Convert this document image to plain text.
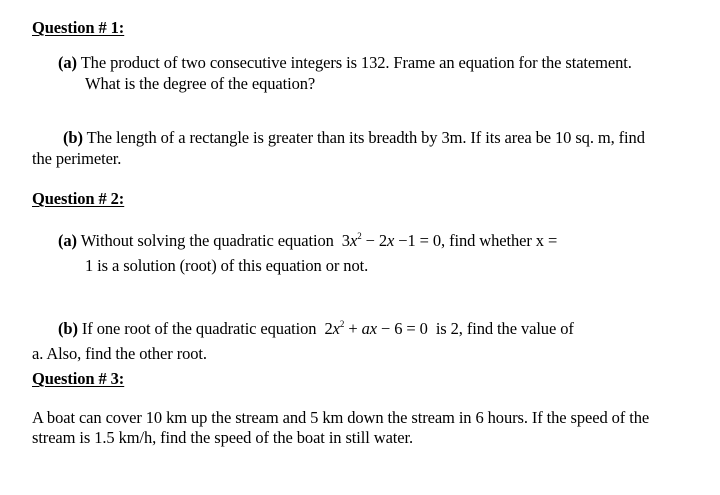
Question # 1:
(a) The product of two consecutive integers is 132. Frame an equation for the statement.
What is the degree of the equation?
(b) The length of a rectangle is greater than its breadth by 3m. If its area be 10 sq. m, find
the perimeter.
Question # 2:
(a) Without solving the quadratic equation  $3x^2 - 2x -1 = 0$, find whether x =
1 is a solution (root) of this equation or not.
(b) If one root of the quadratic equation  $2x^2$ + ax − 6 = 0  is 2, find the value of
a. Also, find the other root.
Question # 3:
A boat can cover 10 km up the stream and 5 km down the stream in 6 hours. If the speed of the
stream is 1.5 km/h, find the speed of the boat in still water.
